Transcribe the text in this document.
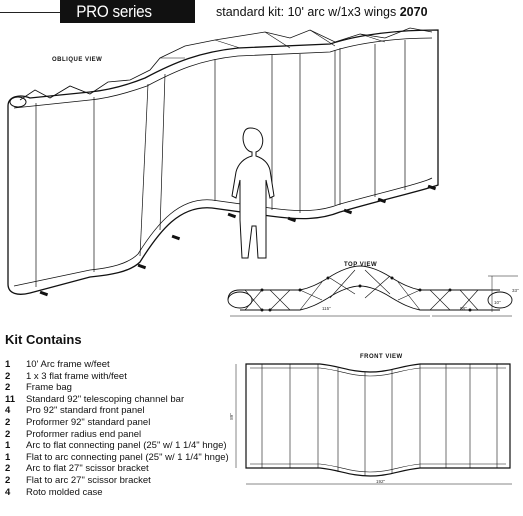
PRO series	standard kit: 10' arc w/1x3 wings 2070
OBLIQUE VIEW
TOP VIEW
FRONT VIEW
115"	58"
33"
10"
89"
192"
Kit Contains
1 10' Arc frame w/feet
2 1 x 3 flat frame with/feet
2 Frame bag
11 Standard 92" telescoping channel bar
4 Pro 92" standard front panel
2 Proformer 92" standard panel
2 Proformer radius end panel
1 Arc to flat connecting panel (25" w/ 1 1/4" hnge)
1 Flat to arc connecting panel (25" w/ 1 1/4" hnge)
2 Arc to flat 27" scissor bracket
2 Flat to arc 27" scissor bracket
4 Roto molded case
